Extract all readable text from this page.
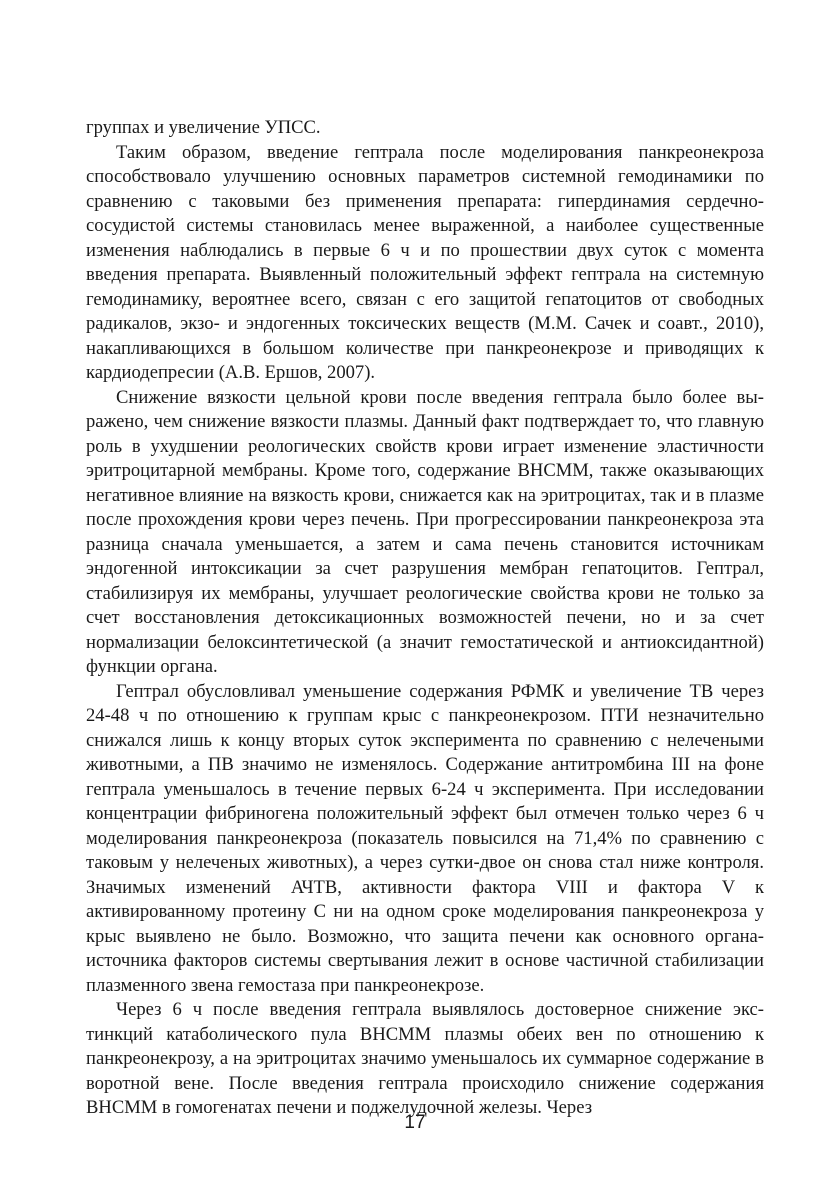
группах и увеличение УПСС.

Таким образом, введение гептрала после моделирования панкреонекроза способствовало улучшению основных параметров системной гемодинамики по сравнению с таковыми без применения препарата: гипердинамия сердечно-сосудистой системы становилась менее выраженной, а наиболее существенные изменения наблюдались в первые 6 ч и по прошествии двух суток с момента введения препарата. Выявленный положительный эффект гептрала на системную гемодинамику, вероятнее всего, связан с его защитой гепатоцитов от свободных радикалов, экзо- и эндогенных токсических веществ (М.М. Сачек и соавт., 2010), накапливающихся в большом количестве при панкреонекрозе и приводящих к кардиодепресии (А.В. Ершов, 2007).

Снижение вязкости цельной крови после введения гептрала было более выражено, чем снижение вязкости плазмы. Данный факт подтверждает то, что главную роль в ухудшении реологических свойств крови играет изменение эластичности эритроцитарной мембраны. Кроме того, содержание ВНСММ, также оказывающих негативное влияние на вязкость крови, снижается как на эритроцитах, так и в плазме после прохождения крови через печень. При прогрессировании панкреонекроза эта разница сначала уменьшается, а затем и сама печень становится источникам эндогенной интоксикации за счет разрушения мембран гепатоцитов. Гептрал, стабилизируя их мембраны, улучшает реологические свойства крови не только за счет восстановления детоксикационных возможностей печени, но и за счет нормализации белоксинтетической (а значит гемостатической и антиоксидантной) функции органа.

Гептрал обусловливал уменьшение содержания РФМК и увеличение ТВ через 24-48 ч по отношению к группам крыс с панкреонекрозом. ПТИ незначительно снижался лишь к концу вторых суток эксперимента по сравнению с нелечеными животными, а ПВ значимо не изменялось. Содержание антитромбина III на фоне гептрала уменьшалось в течение первых 6-24 ч эксперимента. При исследовании концентрации фибриногена положительный эффект был отмечен только через 6 ч моделирования панкреонекроза (показатель повысился на 71,4% по сравнению с таковым у нелеченых животных), а через сутки-двое он снова стал ниже контроля. Значимых изменений АЧТВ, активности фактора VIII и фактора V к активированному протеину С ни на одном сроке моделирования панкреонекроза у крыс выявлено не было. Возможно, что защита печени как основного органа-источника факторов системы свертывания лежит в основе частичной стабилизации плазменного звена гемостаза при панкреонекрозе.

Через 6 ч после введения гептрала выявлялось достоверное снижение экстинкций катаболического пула ВНСММ плазмы обеих вен по отношению к панкреонекрозу, а на эритроцитах значимо уменьшалось их суммарное содержание в воротной вене. После введения гептрала происходило снижение содержания ВНСММ в гомогенатах печени и поджелудочной железы. Через

17
